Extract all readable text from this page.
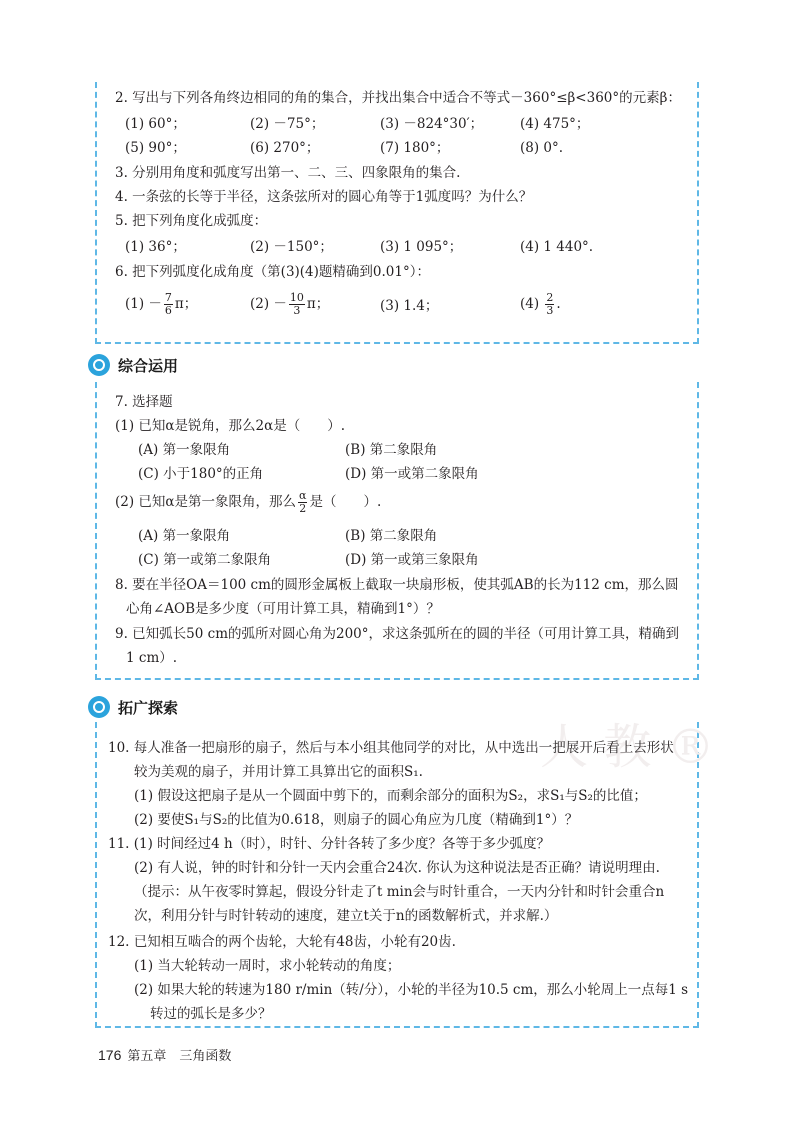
人 教 ®
2. 写出与下列各角终边相同的角的集合，并找出集合中适合不等式－360°≤β<360°的元素β：
(1) 60°；	(2) －75°；	(3) －824°30′；	(4) 475°；
(5) 90°；	(6) 270°；	(7) 180°；	(8) 0°.
3. 分别用角度和弧度写出第一、二、三、四象限角的集合.
4. 一条弦的长等于半径，这条弦所对的圆心角等于1弧度吗？为什么？
5. 把下列角度化成弧度：
(1) 36°；	(2) －150°；	(3) 1 095°；	(4) 1 440°.
6. 把下列弧度化成角度（第(3)(4)题精确到0.01°）：
$(1) - \frac{7}{6}$ π；	$(2) - \frac{10}{3}$ π；	(3) 1.4；	$(4) \frac{2}{3}$ .
综合运用
7. 选择题
(1) 已知α是锐角，那么2α是（　　）.
(A) 第一象限角	(B) 第二象限角
(C) 小于180°的正角	(D) 第一或第二象限角
(2) 已知α是第一象限角，那么 $\frac{\alpha}{2}$ 是（　　）.
(A) 第一象限角	(B) 第二象限角
(C) 第一或第二象限角	(D) 第一或第三象限角
8. 要在半径OA＝100 cm的圆形金属板上截取一块扇形板，使其弧AB的长为112 cm，那么圆
心角∠AOB是多少度（可用计算工具，精确到1°）？
9. 已知弧长50 cm的弧所对圆心角为200°，求这条弧所在的圆的半径（可用计算工具，精确到
1 cm）.
拓广探索
10. 每人准备一把扇形的扇子，然后与本小组其他同学的对比，从中选出一把展开后看上去形状
较为美观的扇子，并用计算工具算出它的面积S₁.
(1) 假设这把扇子是从一个圆面中剪下的，而剩余部分的面积为S₂，求S₁与S₂的比值；
(2) 要使S₁与S₂的比值为0.618，则扇子的圆心角应为几度（精确到1°）？
11. (1) 时间经过4 h（时），时针、分针各转了多少度？各等于多少弧度？
(2) 有人说，钟的时针和分针一天内会重合24次. 你认为这种说法是否正确？请说明理由.
（提示：从午夜零时算起，假设分针走了t min会与时针重合，一天内分针和时针会重合n
次，利用分针与时针转动的速度，建立t关于n的函数解析式，并求解.）
12. 已知相互啮合的两个齿轮，大轮有48齿，小轮有20齿.
(1) 当大轮转动一周时，求小轮转动的角度；
(2) 如果大轮的转速为180 r/min（转/分），小轮的半径为10.5 cm，那么小轮周上一点每1 s
转过的弧长是多少？
176 第五章　三角函数
